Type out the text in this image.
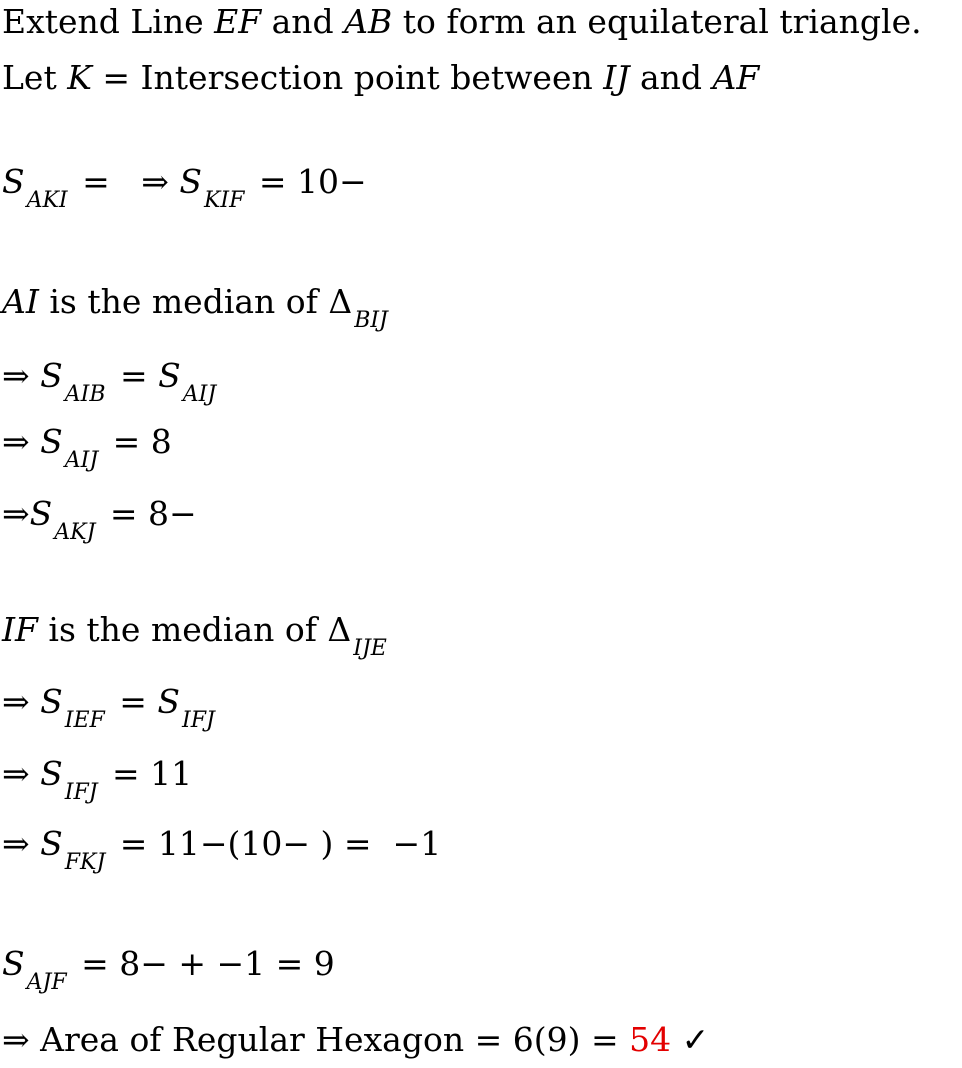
Extend Line EF and AB to form an equilateral triangle.
Let K = Intersection point between IJ and AF
$S_{AKI}$ =   ⇒ $S_{KIF} = 10-$
AI is the median of $\Delta_{BIJ}$
⇒ $S_{AIB} = S_{AIJ}$
⇒ $S_{AIJ} = 8$
$\Rightarrow S_{AKJ} = 8-$
IF is the median of $\Delta_{IJE}$
⇒ $S_{IEF} = S_{IFJ}$
⇒ $S_{IFJ} = 11$
⇒ $S_{FKJ} = 11-(10-$ ) =  −1
$S_{AJF} = 8- + -1 = 9$
⇒ Area of Regular Hexagon = 6(9) = 54 ✓
